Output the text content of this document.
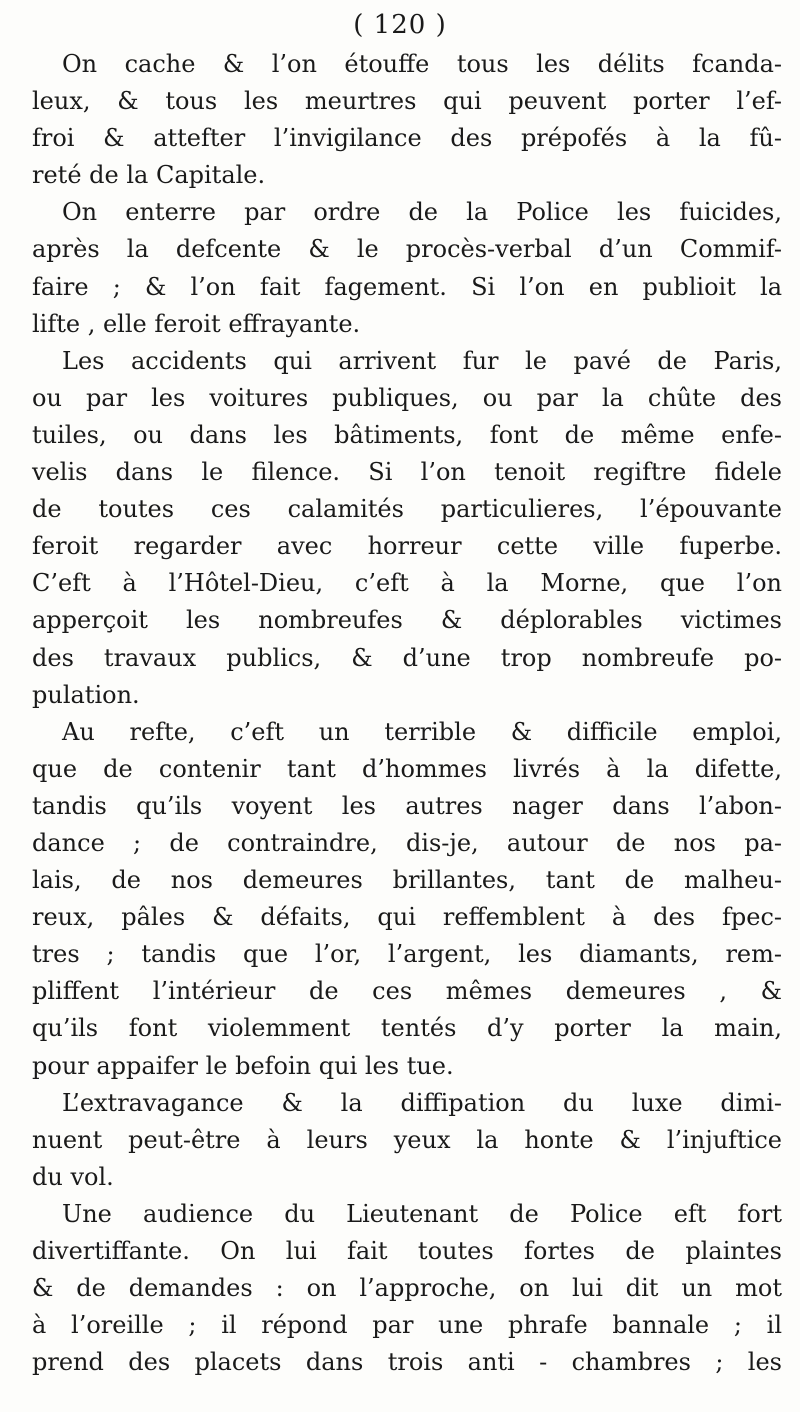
( 120 )
On cache & l’on étouffe tous les délits fcanda-
leux, & tous les meurtres qui peuvent porter l’ef-
froi & attefter l’invigilance des prépofés à la fû-
reté de la Capitale.
On enterre par ordre de la Police les fuicides,
après la defcente & le procès-verbal d’un Commif-
faire ; & l’on fait fagement. Si l’on en publioit la
lifte , elle feroit effrayante.
Les accidents qui arrivent fur le pavé de Paris,
ou par les voitures publiques, ou par la chûte des
tuiles, ou dans les bâtiments, font de même enfe-
velis dans le filence. Si l’on tenoit regiftre fidele
de toutes ces calamités particulieres, l’épouvante
feroit regarder avec horreur cette ville fuperbe.
C’eft à l’Hôtel-Dieu, c’eft à la Morne, que l’on
apperçoit les nombreufes & déplorables victimes
des travaux publics, & d’une trop nombreufe po-
pulation.
Au refte, c’eft un terrible & difficile emploi,
que de contenir tant d’hommes livrés à la difette,
tandis qu’ils voyent les autres nager dans l’abon-
dance ; de contraindre, dis-je, autour de nos pa-
lais, de nos demeures brillantes, tant de malheu-
reux, pâles & défaits, qui reffemblent à des fpec-
tres ; tandis que l’or, l’argent, les diamants, rem-
pliffent l’intérieur de ces mêmes demeures , &
qu’ils font violemment tentés d’y porter la main,
pour appaifer le befoin qui les tue.
L’extravagance & la diffipation du luxe dimi-
nuent peut-être à leurs yeux la honte & l’injuftice
du vol.
Une audience du Lieutenant de Police eft fort
divertiffante. On lui fait toutes fortes de plaintes
& de demandes : on l’approche, on lui dit un mot
à l’oreille ; il répond par une phrafe bannale ; il
prend des placets dans trois anti - chambres ; les
